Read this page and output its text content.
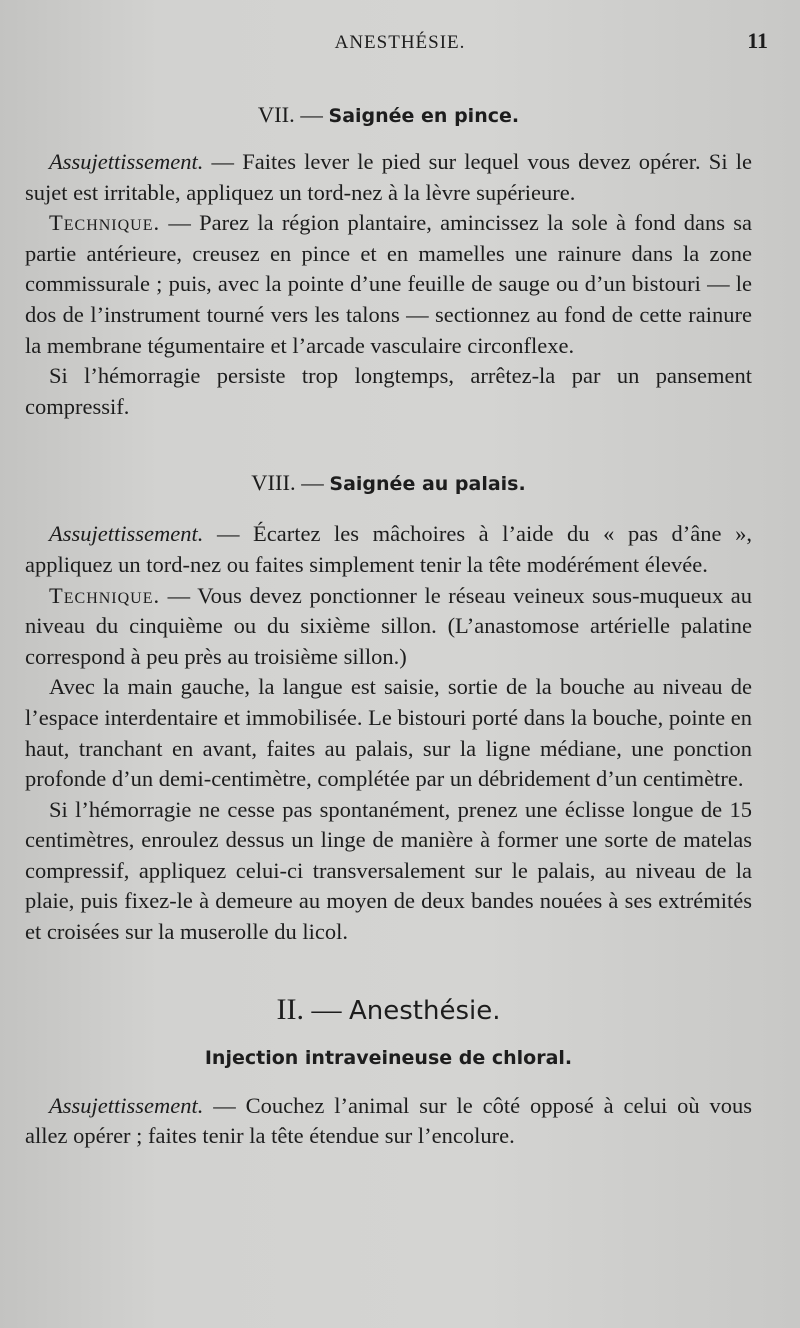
ANESTHÉSIE.	11
VII. — Saignée en pince.

Assujettissement. — Faites lever le pied sur lequel vous devez opérer. Si le sujet est irritable, appliquez un tord-nez à la lèvre supérieure.

Technique. — Parez la région plantaire, amincissez la sole à fond dans sa partie antérieure, creusez en pince et en mamelles une rainure dans la zone commissurale ; puis, avec la pointe d’une feuille de sauge ou d’un bistouri — le dos de l’instrument tourné vers les talons — sectionnez au fond de cette rainure la membrane tégumentaire et l’arcade vasculaire circonflexe.

Si l’hémorragie persiste trop longtemps, arrêtez-la par un pansement compressif.

VIII. — Saignée au palais.

Assujettissement. — Écartez les mâchoires à l’aide du « pas d’âne », appliquez un tord-nez ou faites simplement tenir la tête modérément élevée.

Technique. — Vous devez ponctionner le réseau veineux sous-muqueux au niveau du cinquième ou du sixième sillon. (L’anastomose artérielle palatine correspond à peu près au troisième sillon.)

Avec la main gauche, la langue est saisie, sortie de la bouche au niveau de l’espace interdentaire et immobilisée. Le bistouri porté dans la bouche, pointe en haut, tranchant en avant, faites au palais, sur la ligne médiane, une ponction profonde d’un demi-centimètre, complétée par un débridement d’un centimètre.

Si l’hémorragie ne cesse pas spontanément, prenez une éclisse longue de 15 centimètres, enroulez dessus un linge de manière à former une sorte de matelas compressif, appliquez celui-ci transversalement sur le palais, au niveau de la plaie, puis fixez-le à demeure au moyen de deux bandes nouées à ses extrémités et croisées sur la muserolle du licol.

II. — Anesthésie.
Injection intraveineuse de chloral.

Assujettissement. — Couchez l’animal sur le côté opposé à celui où vous allez opérer ; faites tenir la tête étendue sur l’encolure.
